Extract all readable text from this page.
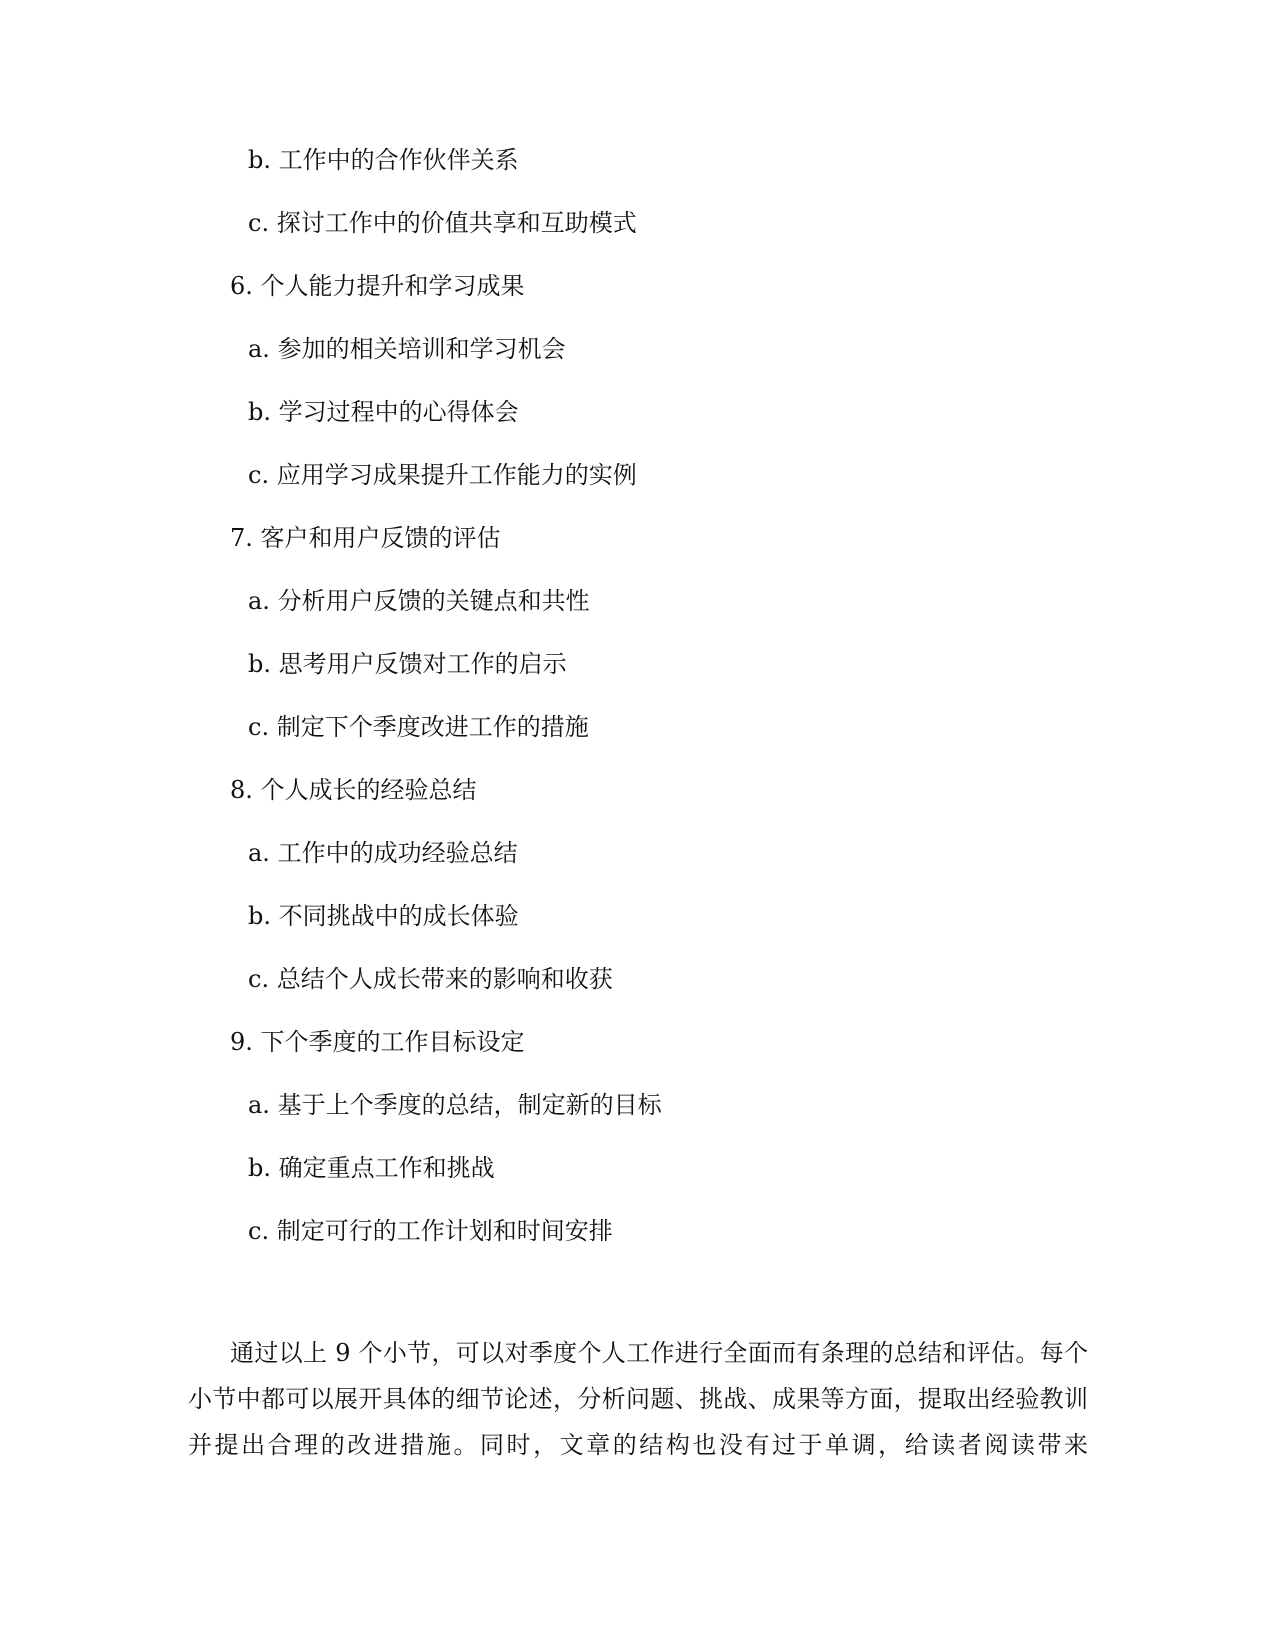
b. 工作中的合作伙伴关系
c. 探讨工作中的价值共享和互助模式
6. 个人能力提升和学习成果
a. 参加的相关培训和学习机会
b. 学习过程中的心得体会
c. 应用学习成果提升工作能力的实例
7. 客户和用户反馈的评估
a. 分析用户反馈的关键点和共性
b. 思考用户反馈对工作的启示
c. 制定下个季度改进工作的措施
8. 个人成长的经验总结
a. 工作中的成功经验总结
b. 不同挑战中的成长体验
c. 总结个人成长带来的影响和收获
9. 下个季度的工作目标设定
a. 基于上个季度的总结，制定新的目标
b. 确定重点工作和挑战
c. 制定可行的工作计划和时间安排

通过以上 9 个小节，可以对季度个人工作进行全面而有条理的总结和评估。每个小节中都可以展开具体的细节论述，分析问题、挑战、成果等方面，提取出经验教训并提出合理的改进措施。同时，文章的结构也没有过于单调，给读者阅读带来
